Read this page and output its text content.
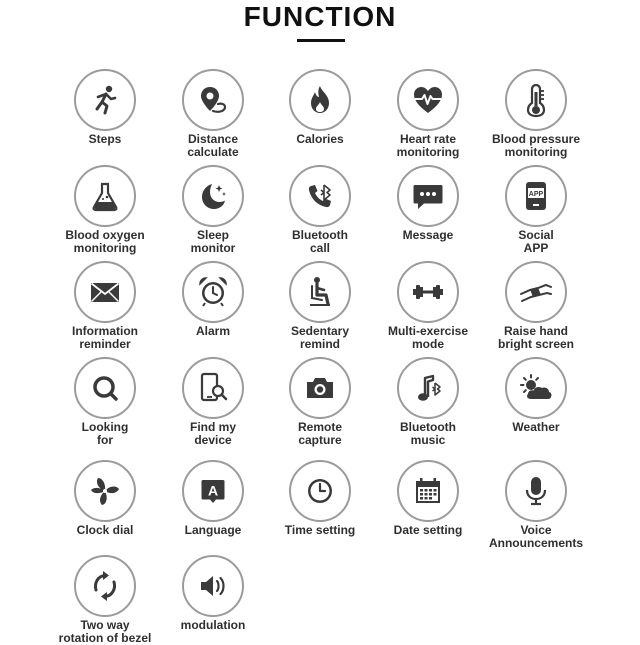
FUNCTION
Steps	Distance
calculate
Calories	Heart rate
monitoring
Blood pressure
monitoring
Blood oxygen
monitoring
Sleep
monitor
Bluetooth
call
Message
APP
Social
APP
Information
reminder
Alarm	Sedentary
remind
Multi-exercise
mode
Raise hand
bright screen
Looking
for
Find my
device
Remote
capture
Bluetooth
music
Weather
Clock dial
A
Language	Time setting	Date setting	Voice
Announcements
Two way
rotation of bezel
modulation
